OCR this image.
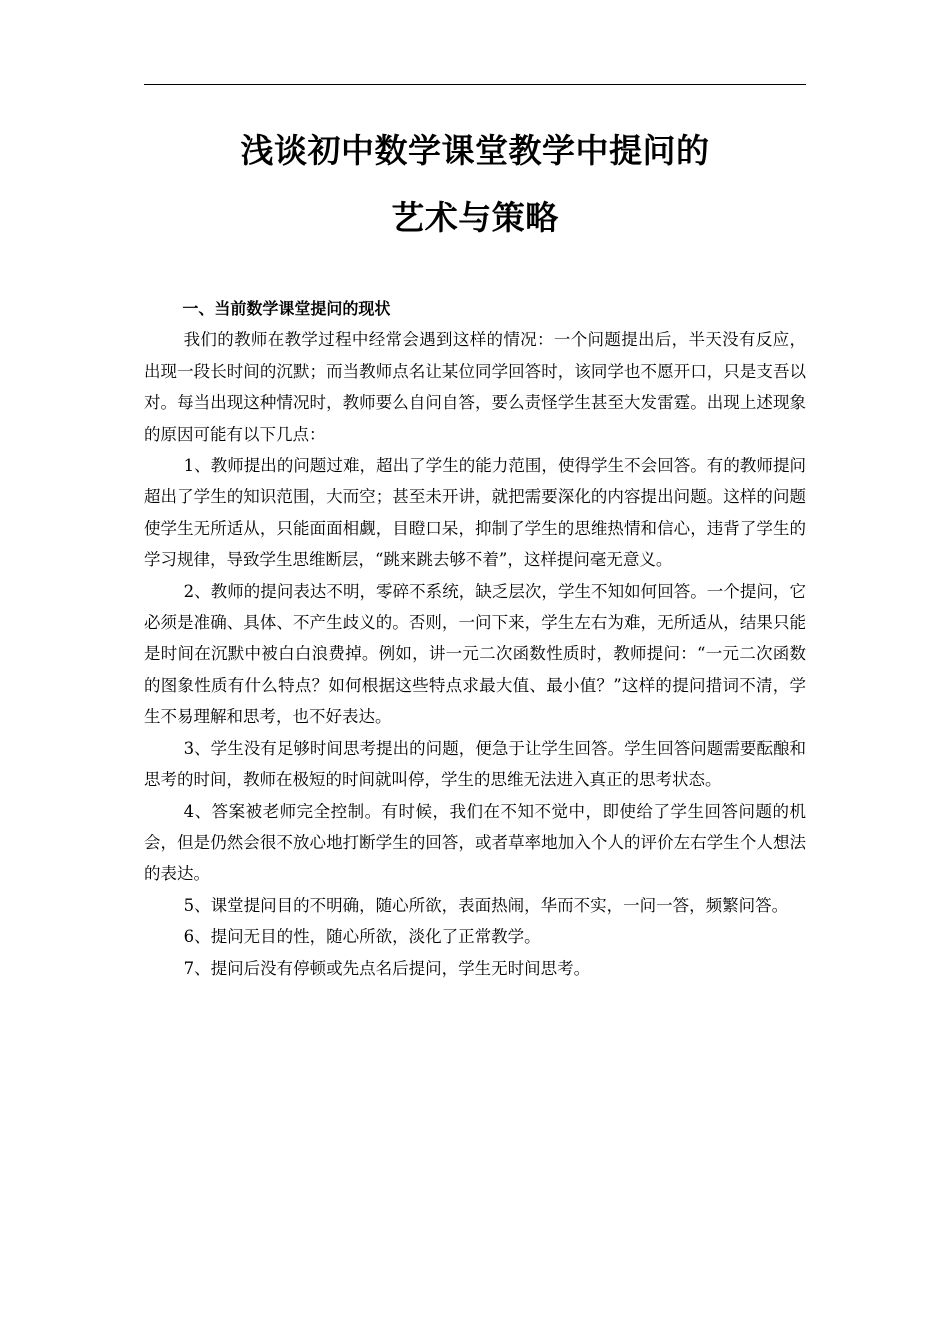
浅谈初中数学课堂教学中提问的
艺术与策略

一、当前数学课堂提问的现状

我们的教师在教学过程中经常会遇到这样的情况：一个问题提出后，半天没有反应，出现一段长时间的沉默；而当教师点名让某位同学回答时，该同学也不愿开口，只是支吾以对。每当出现这种情况时，教师要么自问自答，要么责怪学生甚至大发雷霆。出现上述现象的原因可能有以下几点：

1、教师提出的问题过难，超出了学生的能力范围，使得学生不会回答。有的教师提问超出了学生的知识范围，大而空；甚至未开讲，就把需要深化的内容提出问题。这样的问题使学生无所适从，只能面面相觑，目瞪口呆，抑制了学生的思维热情和信心，违背了学生的学习规律，导致学生思维断层，“跳来跳去够不着”，这样提问毫无意义。

2、教师的提问表达不明，零碎不系统，缺乏层次，学生不知如何回答。一个提问，它必须是准确、具体、不产生歧义的。否则，一问下来，学生左右为难，无所适从，结果只能是时间在沉默中被白白浪费掉。例如，讲一元二次函数性质时，教师提问：“一元二次函数的图象性质有什么特点？如何根据这些特点求最大值、最小值？”这样的提问措词不清，学生不易理解和思考，也不好表达。

3、学生没有足够时间思考提出的问题，便急于让学生回答。学生回答问题需要酝酿和思考的时间，教师在极短的时间就叫停，学生的思维无法进入真正的思考状态。

4、答案被老师完全控制。有时候，我们在不知不觉中，即使给了学生回答问题的机会，但是仍然会很不放心地打断学生的回答，或者草率地加入个人的评价左右学生个人想法的表达。

5、课堂提问目的不明确，随心所欲，表面热闹，华而不实，一问一答，频繁问答。

6、提问无目的性，随心所欲，淡化了正常教学。

7、提问后没有停顿或先点名后提问，学生无时间思考。
